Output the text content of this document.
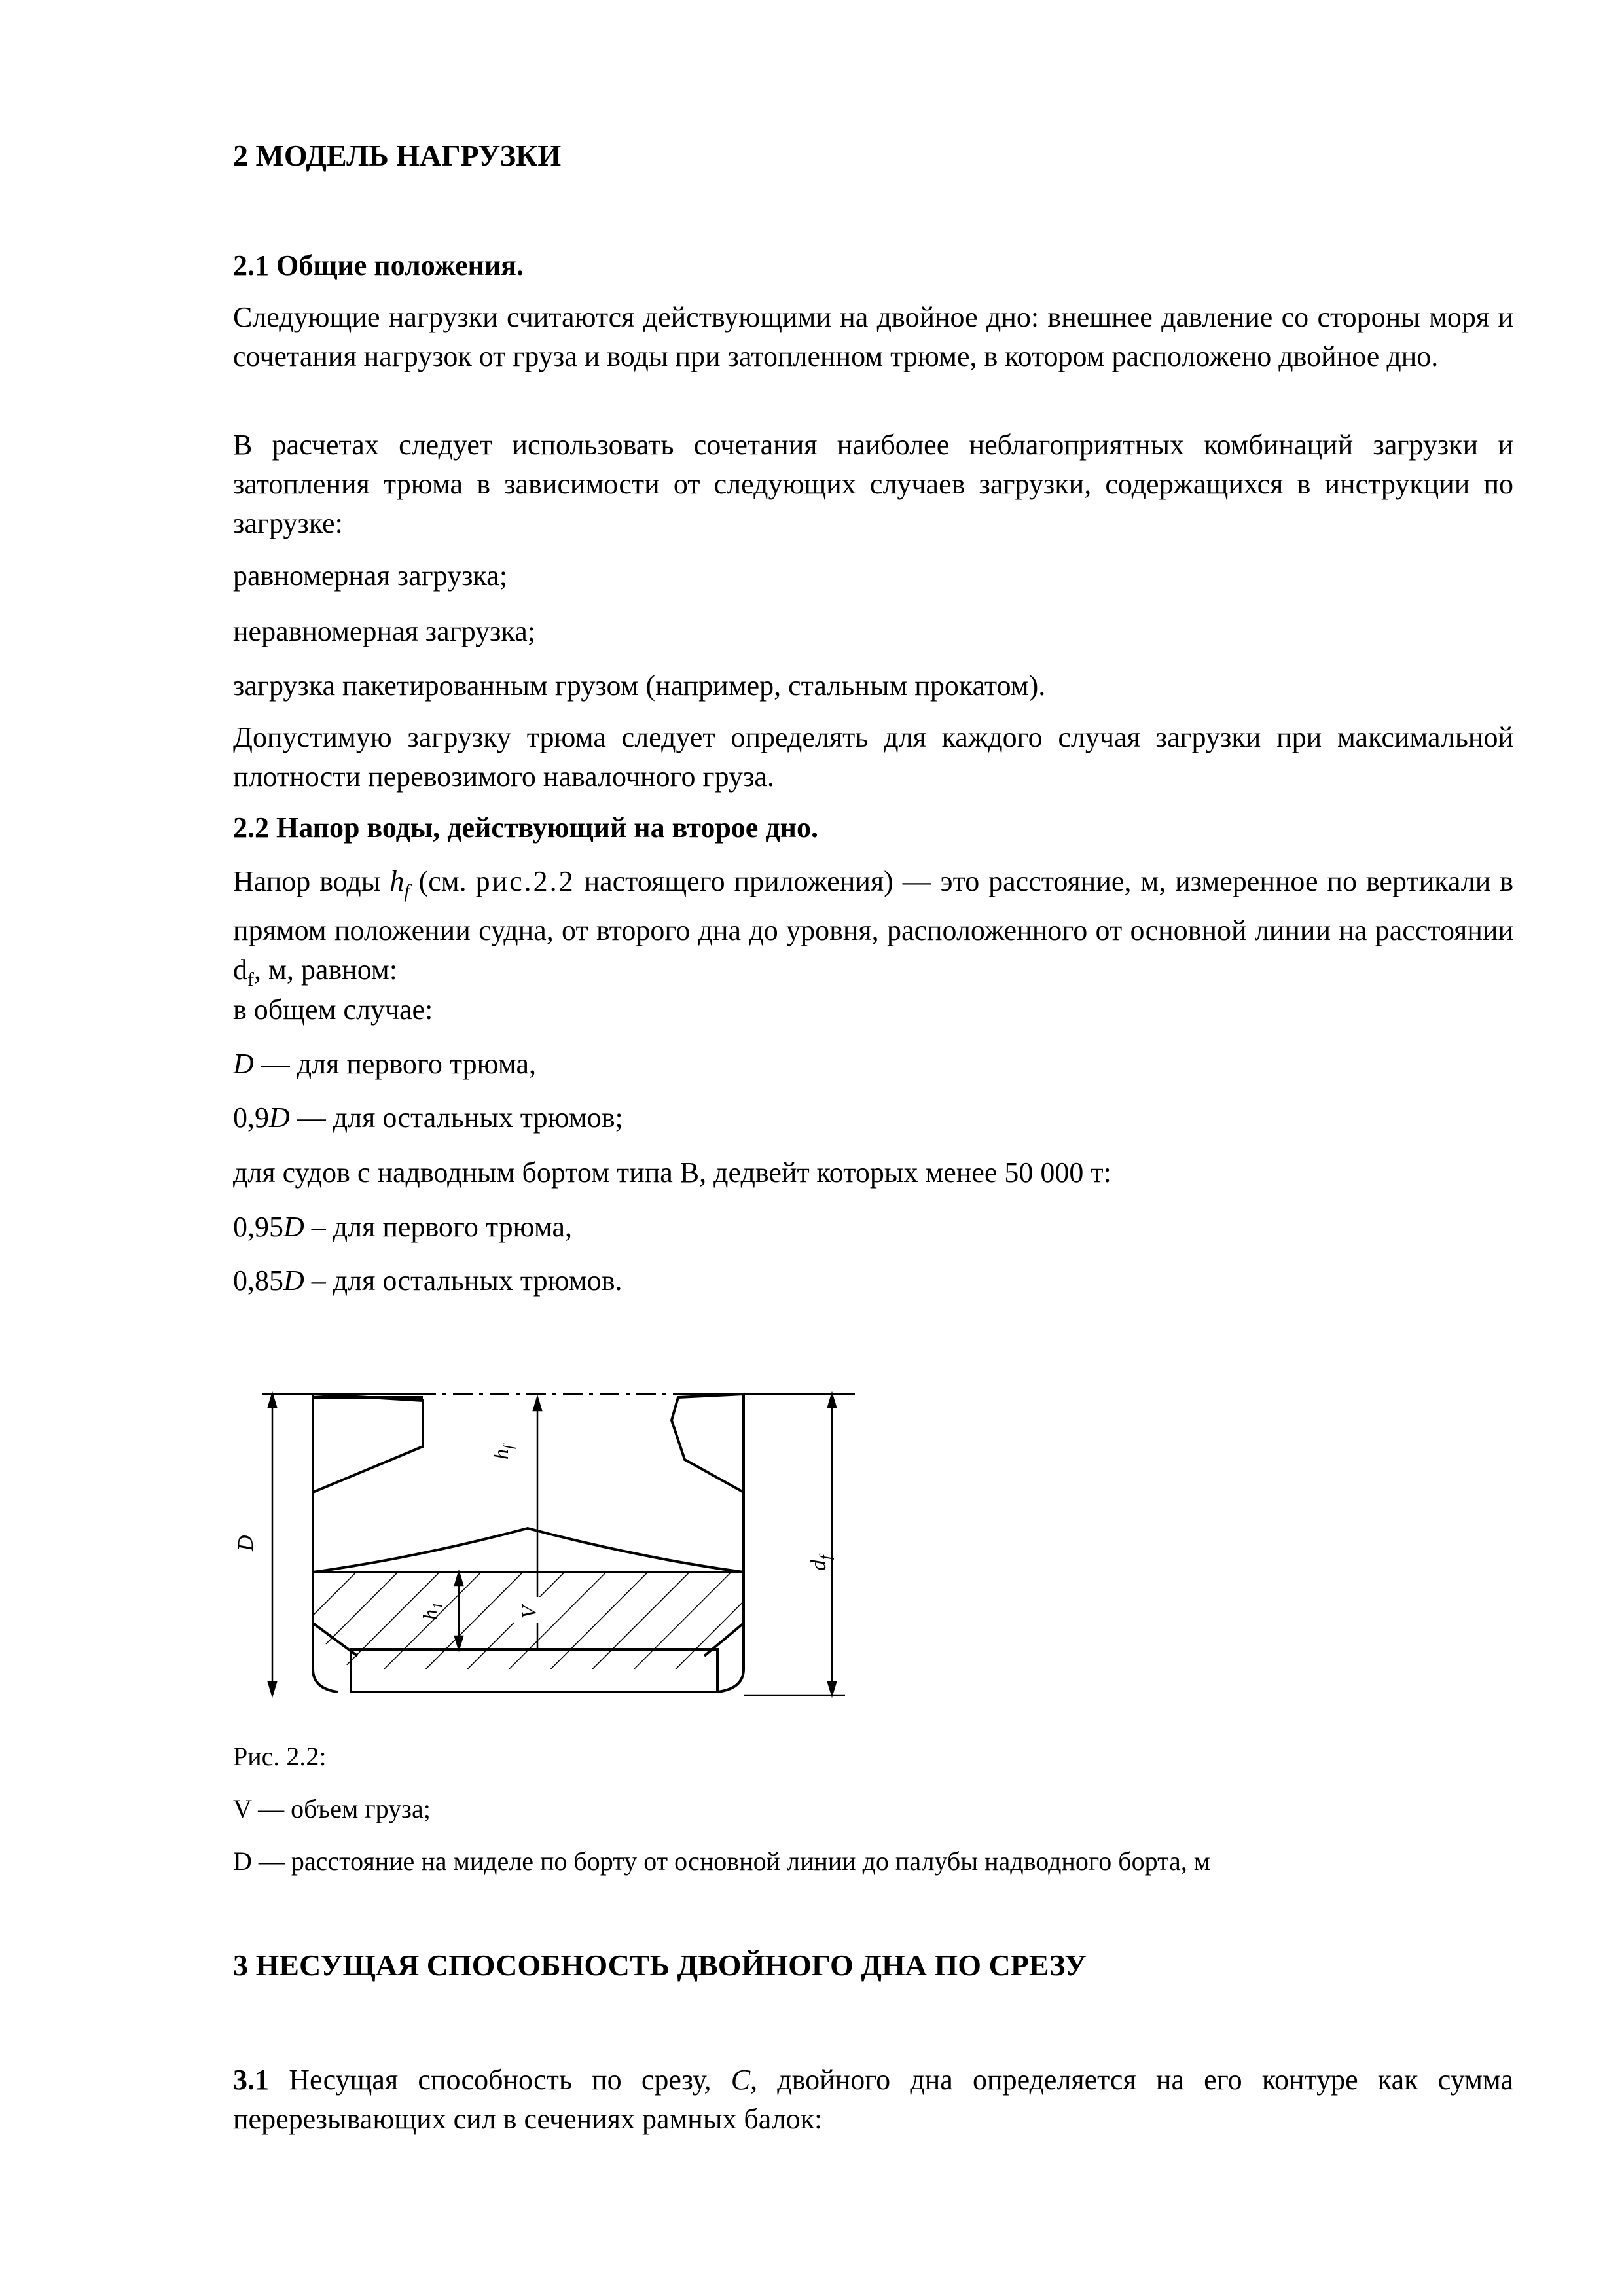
2 МОДЕЛЬ НАГРУЗКИ
2.1 Общие положения.

Следующие нагрузки считаются действующими на двойное дно: внешнее давление со стороны моря и сочетания нагрузок от груза и воды при затопленном трюме, в котором расположено двойное дно.

В расчетах следует использовать сочетания наиболее неблагоприятных комбинаций загрузки и затопления трюма в зависимости от следующих случаев загрузки, содержащихся в инструкции по загрузке:

равномерная загрузка;

неравномерная загрузка;

загрузка пакетированным грузом (например, стальным прокатом).

Допустимую загрузку трюма следует определять для каждого случая загрузки при максимальной плотности перевозимого навалочного груза.

2.2 Напор воды, действующий на второе дно.

Напор воды $h_f$ (см. рис.2.2 настоящего приложения) — это расстояние, м, измеренное по вертикали в прямом положении судна, от второго дна до уровня, расположенного от основной линии на расстоянии $d_f$, м, равном:

в общем случае:

D — для первого трюма,

0,9D — для остальных трюмов;

для судов с надводным бортом типа В, дедвейт которых менее 50 000 т:

0,95D – для первого трюма,

0,85D – для остальных трюмов.

Рис. 2.2:

V — объем груза;

D — расстояние на миделе по борту от основной линии до палубы надводного борта, м

3 НЕСУЩАЯ СПОСОБНОСТЬ ДВОЙНОГО ДНА ПО СРЕЗУ

3.1 Несущая способность по срезу, C, двойного дна определяется на его контуре как сумма перерезывающих сил в сечениях рамных балок:

D
$d_f$
$h_f$
$h_1$	V
